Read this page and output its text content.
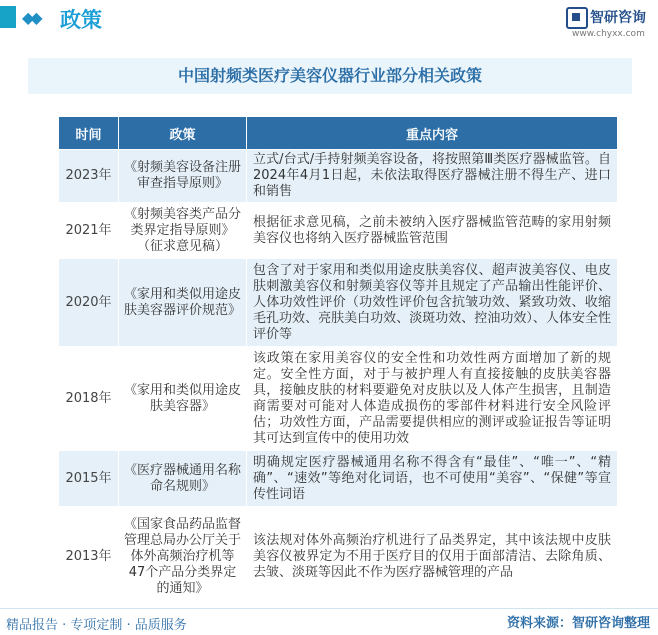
◆◆ 政策	智研咨询
www.chyxx.com
中国射频类医疗美容仪器行业部分相关政策
时间	政策	重点内容
2023年	《射频美容设备注册审查指导原则》	立式/台式/手持射频美容设备，将按照第Ⅲ类医疗器械监管。自2024年4月1日起，未依法取得医疗器械注册不得生产、进口和销售
2021年	《射频美容类产品分类界定指导原则》（征求意见稿）	根据征求意见稿，之前未被纳入医疗器械监管范畴的家用射频美容仪也将纳入医疗器械监管范围
2020年	《家用和类似用途皮肤美容器评价规范》	包含了对于家用和类似用途皮肤美容仪、超声波美容仪、电皮肤刺激美容仪和射频美容仪等并且规定了产品输出性能评价、人体功效性评价（功效性评价包含抗皱功效、紧致功效、收缩毛孔功效、亮肤美白功效、淡斑功效、控油功效）、人体安全性评价等
2018年	《家用和类似用途皮肤美容器》	该政策在家用美容仪的安全性和功效性两方面增加了新的规定。安全性方面，对于与被护理人有直接接触的皮肤美容器具，接触皮肤的材料要避免对皮肤以及人体产生损害，且制造商需要对可能对人体造成损伤的零部件材料进行安全风险评估；功效性方面，产品需要提供相应的测评或验证报告等证明其可达到宣传中的使用功效
2015年	《医疗器械通用名称命名规则》	明确规定医疗器械通用名称不得含有“最佳”、“唯一”、“精确”、“速效”等绝对化词语，也不可使用“美容”、“保健”等宣传性词语
2013年	《国家食品药品监督管理总局办公厅关于体外高频治疗机等47个产品分类界定的通知》	该法规对体外高频治疗机进行了品类界定，其中该法规中皮肤美容仪被界定为不用于医疗目的仅用于面部清洁、去除角质、去皱、淡斑等因此不作为医疗器械管理的产品
精品报告 · 专项定制 · 品质服务	资料来源：智研咨询整理
